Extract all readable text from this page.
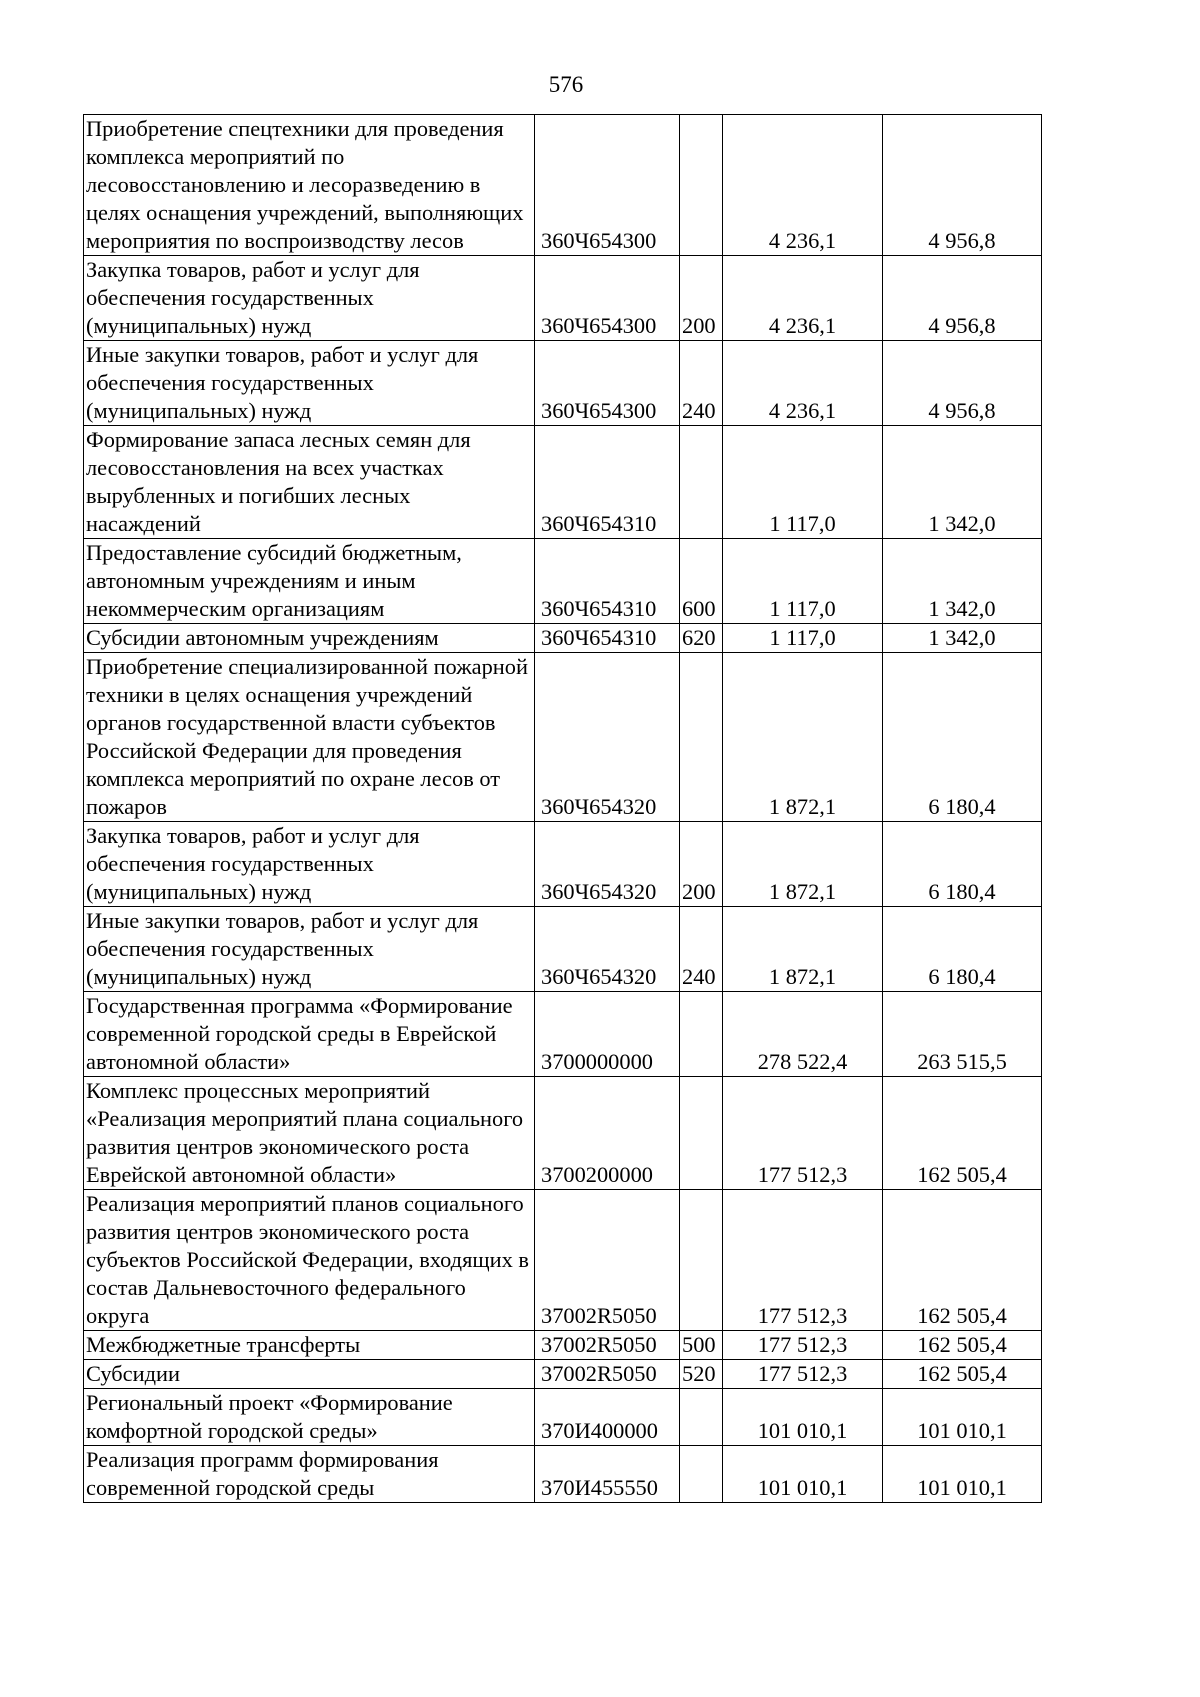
576
Приобретение спецтехники для проведения комплекса мероприятий по лесовосстановлению и лесоразведению в целях оснащения учреждений, выполняющих мероприятия по воспроизводству лесов	360Ч654300		4 236,1	4 956,8
Закупка товаров, работ и услуг для обеспечения государственных (муниципальных) нужд	360Ч654300	200	4 236,1	4 956,8
Иные закупки товаров, работ и услуг для обеспечения государственных (муниципальных) нужд	360Ч654300	240	4 236,1	4 956,8
Формирование запаса лесных семян для лесовосстановления на всех участках вырубленных и погибших лесных насаждений	360Ч654310		1 117,0	1 342,0
Предоставление субсидий бюджетным, автономным учреждениям и иным некоммерческим организациям	360Ч654310	600	1 117,0	1 342,0
Субсидии автономным учреждениям	360Ч654310	620	1 117,0	1 342,0
Приобретение специализированной пожарной техники в целях оснащения учреждений органов государственной власти субъектов Российской Федерации для проведения комплекса мероприятий по охране лесов от пожаров	360Ч654320		1 872,1	6 180,4
Закупка товаров, работ и услуг для обеспечения государственных (муниципальных) нужд	360Ч654320	200	1 872,1	6 180,4
Иные закупки товаров, работ и услуг для обеспечения государственных (муниципальных) нужд	360Ч654320	240	1 872,1	6 180,4
Государственная программа «Формирование современной городской среды в Еврейской автономной области»	3700000000		278 522,4	263 515,5
Комплекс процессных мероприятий «Реализация мероприятий плана социального развития центров экономического роста Еврейской автономной области»	3700200000		177 512,3	162 505,4
Реализация мероприятий планов социального развития центров экономического роста субъектов Российской Федерации, входящих в состав Дальневосточного федерального округа	37002R5050		177 512,3	162 505,4
Межбюджетные трансферты	37002R5050	500	177 512,3	162 505,4
Субсидии	37002R5050	520	177 512,3	162 505,4
Региональный проект «Формирование комфортной городской среды»	370И400000		101 010,1	101 010,1
Реализация программ формирования современной городской среды	370И455550		101 010,1	101 010,1
